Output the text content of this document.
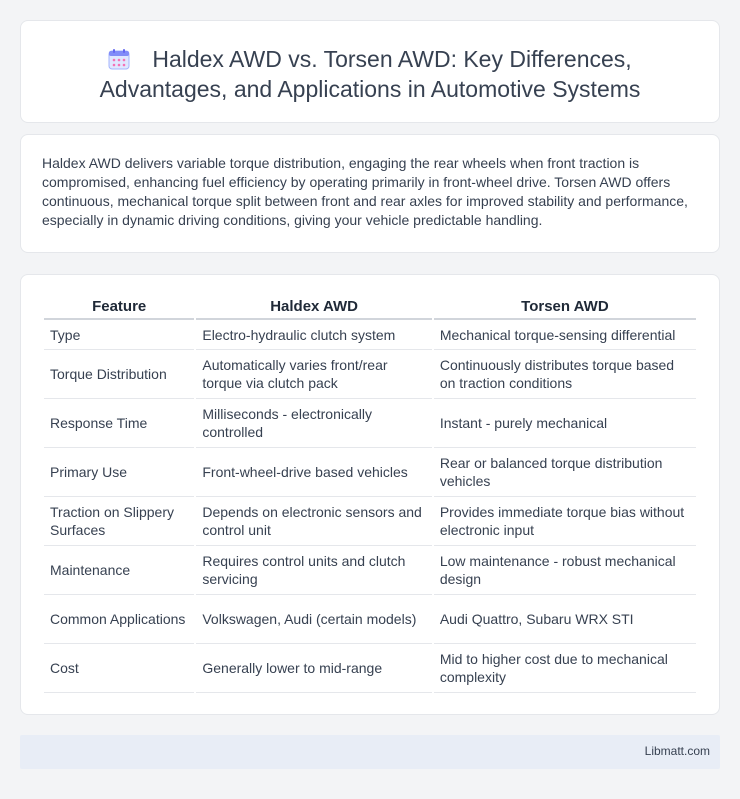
Haldex AWD vs. Torsen AWD: Key Differences,
Advantages, and Applications in Automotive Systems

Haldex AWD delivers variable torque distribution, engaging the rear wheels when front traction is compromised, enhancing fuel efficiency by operating primarily in front-wheel drive. Torsen AWD offers continuous, mechanical torque split between front and rear axles for improved stability and performance, especially in dynamic driving conditions, giving your vehicle predictable handling.

Feature	Haldex AWD	Torsen AWD
Type	Electro-hydraulic clutch system	Mechanical torque-sensing differential
Torque Distribution	Automatically varies front/rear torque via clutch pack	Continuously distributes torque based on traction conditions
Response Time	Milliseconds - electronically controlled	Instant - purely mechanical
Primary Use	Front-wheel-drive based vehicles	Rear or balanced torque distribution vehicles
Traction on Slippery Surfaces	Depends on electronic sensors and control unit	Provides immediate torque bias without electronic input
Maintenance	Requires control units and clutch servicing	Low maintenance - robust mechanical design
Common Applications	Volkswagen, Audi (certain models)	Audi Quattro, Subaru WRX STI
Cost	Generally lower to mid-range	Mid to higher cost due to mechanical complexity
Libmatt.com
